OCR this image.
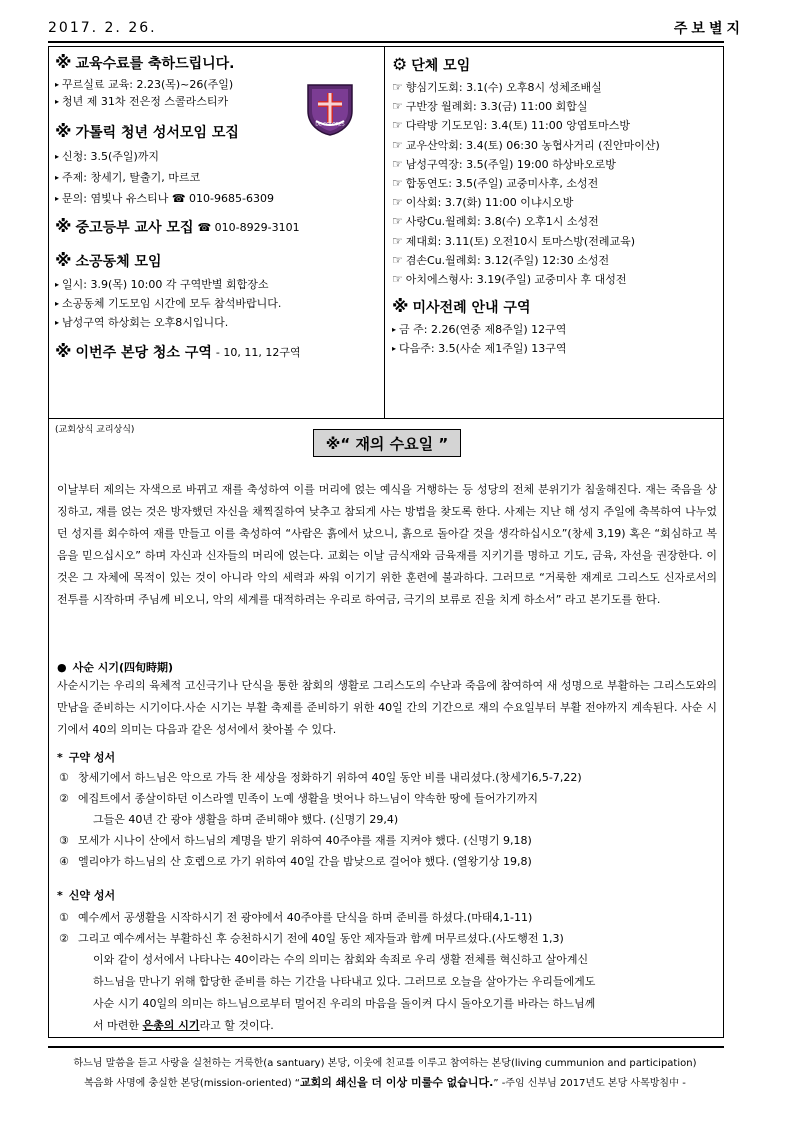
2017. 2. 26.	주보별지
※ 교육수료를 축하드립니다.
▸ 꾸르실료 교육: 2.23(목)~26(주일)
▸ 청년 제 31차 전은정 스콜라스티카
※ 가톨릭 청년 성서모임 모집
▸ 신청: 3.5(주일)까지
▸ 주제: 창세기, 탈출기, 마르코
▸ 문의: 염빛나 유스티나 ☎ 010-9685-6309
※ 중고등부 교사 모집 ☎ 010-8929-3101
※ 소공동체 모임
▸ 일시: 3.9(목) 10:00 각 구역반별 회합장소
▸ 소공동체 기도모임 시간에 모두 참석바랍니다.
▸ 남성구역 하상회는 오후8시입니다.
※ 이번주 본당 청소 구역 - 10, 11, 12구역
DE COLORES
⚙ 단체 모임
☞ 향심기도회: 3.1(수) 오후8시 성체조배실
☞ 구반장 월례회: 3.3(금) 11:00 회합실
☞ 다락방 기도모임: 3.4(토) 11:00 앙엽토마스방
☞ 교우산악회: 3.4(토) 06:30 농협사거리 (진안마이산)
☞ 남성구역장: 3.5(주일) 19:00 하상바오로방
☞ 합동연도: 3.5(주일) 교중미사후, 소성전
☞ 이삭회: 3.7(화) 11:00 이냐시오방
☞ 사랑Cu.월례회: 3.8(수) 오후1시 소성전
☞ 제대회: 3.11(토) 오전10시 토마스방(전례교육)
☞ 겸손Cu.월례회: 3.12(주일) 12:30 소성전
☞ 아치에스형사: 3.19(주일) 교중미사 후 대성전
※ 미사전례 안내 구역
▸ 금 주: 2.26(연중 제8주일) 12구역
▸ 다음주: 3.5(사순 제1주일) 13구역
(교회상식 교리상식)
※“ 재의 수요일 ”
이날부터 제의는 자색으로 바뀌고 재를 축성하여 이를 머리에 얹는 예식을 거행하는 등 성당의 전체 분위기가 침울해진다. 재는 죽음을 상징하고, 재를 얹는 것은 방자했던 자신을 채찍질하여 낮추고 참되게 사는 방법을 찾도록 한다. 사제는 지난 해 성지 주일에 축복하여 나누었던 성지를 회수하여 재를 만들고 이를 축성하여 “사람은 흙에서 났으니, 흙으로 돌아갈 것을 생각하십시오”(창세 3,19) 혹은 “회심하고 복음을 믿으십시오” 하며 자신과 신자들의 머리에 얹는다. 교회는 이날 금식재와 금육재를 지키기를 명하고 기도, 금육, 자선을 권장한다. 이것은 그 자체에 목적이 있는 것이 아니라 악의 세력과 싸워 이기기 위한 훈련에 불과하다. 그러므로 “거룩한 재계로 그리스도 신자로서의 전투를 시작하며 주님께 비오니, 악의 세계를 대적하려는 우리로 하여금, 극기의 보류로 진을 치게 하소서” 라고 본기도를 한다.
● 사순 시기(四旬時期)
사순시기는 우리의 육체적 고신극기나 단식을 통한 참회의 생활로 그리스도의 수난과 죽음에 참여하여 새 성명으로 부활하는 그리스도와의 만남을 준비하는 시기이다.사순 시기는 부활 축제를 준비하기 위한 40일 간의 기간으로 재의 수요일부터 부활 전야까지 계속된다. 사순 시기에서 40의 의미는 다음과 같은 성서에서 찾아볼 수 있다.
* 구약 성서
① 창세기에서 하느님은 악으로 가득 찬 세상을 정화하기 위하여 40일 동안 비를 내리셨다.(창세기6,5-7,22)
② 에집트에서 종살이하던 이스라엘 민족이 노예 생활을 벗어나 하느님이 약속한 땅에 들어가기까지
그들은 40년 간 광야 생활을 하며 준비해야 했다. (신명기 29,4)
③ 모세가 시나이 산에서 하느님의 계명을 받기 위하여 40주야를 재를 지켜야 했다. (신명기 9,18)
④ 엘리야가 하느님의 산 호렙으로 가기 위하여 40일 간을 밤낮으로 걸어야 했다. (열왕기상 19,8)
* 신약 성서
① 예수께서 공생활을 시작하시기 전 광야에서 40주야를 단식을 하며 준비를 하셨다.(마태4,1-11)
② 그리고 예수께서는 부활하신 후 승천하시기 전에 40일 동안 제자들과 함께 머무르셨다.(사도행전 1,3)
이와 같이 성서에서 나타나는 40이라는 수의 의미는 참회와 속죄로 우리 생활 전체를 혁신하고 살아계신
하느님을 만나기 위해 합당한 준비를 하는 기간을 나타내고 있다. 그러므로 오늘을 살아가는 우리들에게도
사순 시기 40일의 의미는 하느님으로부터 멀어진 우리의 마음을 돌이켜 다시 돌아오기를 바라는 하느님께
서 마련한 은총의 시기라고 할 것이다.
하느님 말씀을 듣고 사랑을 실천하는 거룩한(a santuary) 본당, 이웃에 친교를 이루고 참여하는 본당(living cummunion and participation)
복음화 사명에 충실한 본당(mission-oriented) “교회의 쇄신을 더 이상 미룰수 없습니다.” -주임 신부님 2017년도 본당 사목방침中 -
